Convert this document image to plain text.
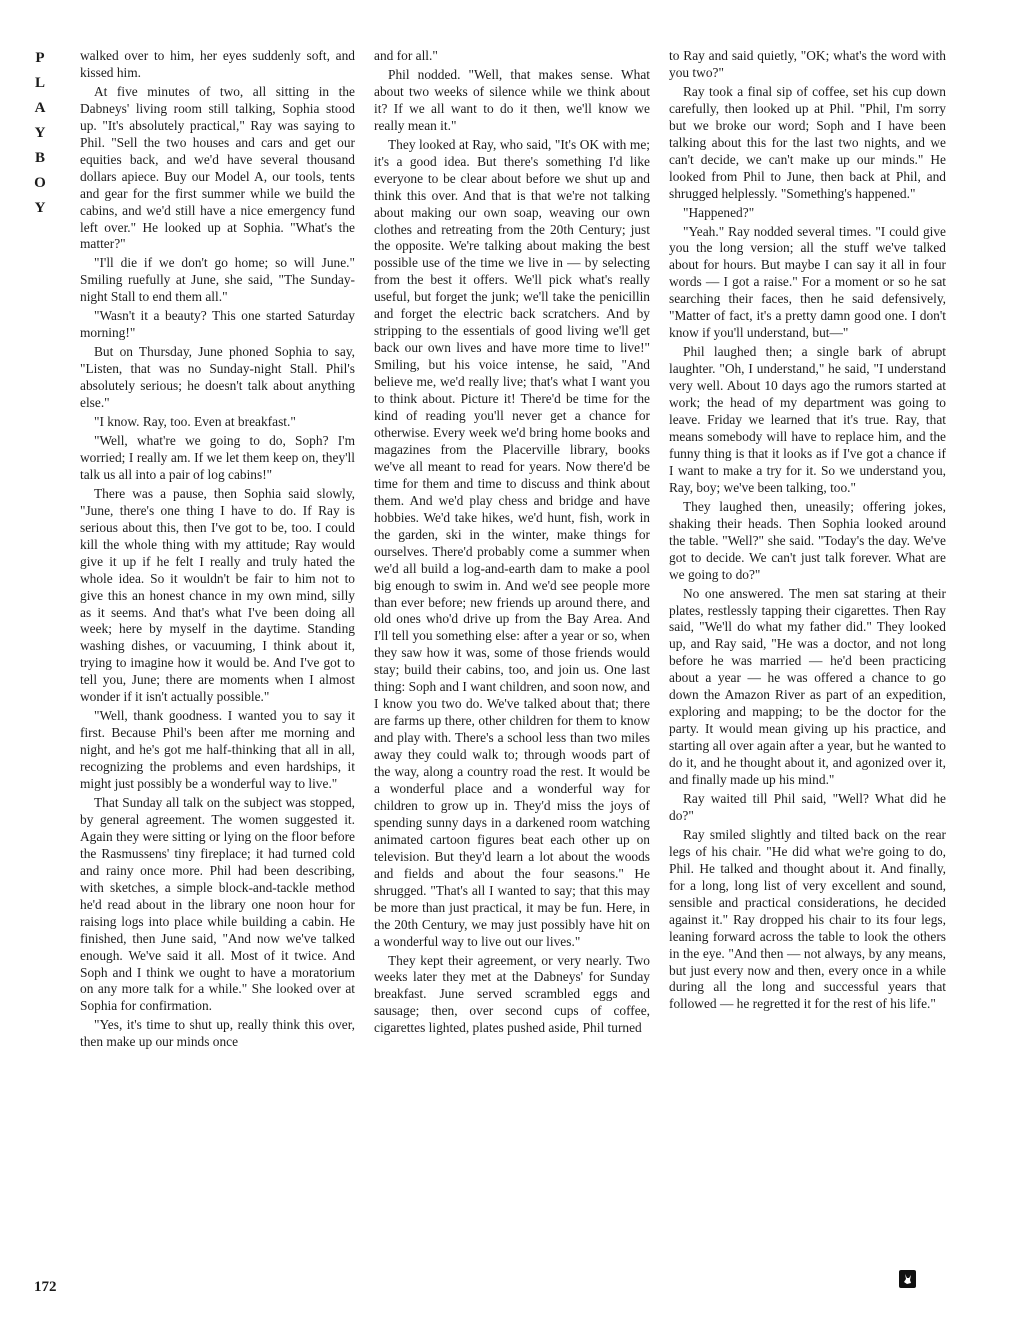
P
L
A
Y
B
O
Y
172

walked over to him, her eyes suddenly soft, and kissed him.

At five minutes of two, all sitting in the Dabneys' living room still talking, Sophia stood up. "It's absolutely practical," Ray was saying to Phil. "Sell the two houses and cars and get our equities back, and we'd have several thousand dollars apiece. Buy our Model A, our tools, tents and gear for the first summer while we build the cabins, and we'd still have a nice emergency fund left over." He looked up at Sophia. "What's the matter?"

"I'll die if we don't go home; so will June." Smiling ruefully at June, she said, "The Sunday-night Stall to end them all."

"Wasn't it a beauty? This one started Saturday morning!"

But on Thursday, June phoned Sophia to say, "Listen, that was no Sunday-night Stall. Phil's absolutely serious; he doesn't talk about anything else."

"I know. Ray, too. Even at breakfast."

"Well, what're we going to do, Soph? I'm worried; I really am. If we let them keep on, they'll talk us all into a pair of log cabins!"

There was a pause, then Sophia said slowly, "June, there's one thing I have to do. If Ray is serious about this, then I've got to be, too. I could kill the whole thing with my attitude; Ray would give it up if he felt I really and truly hated the whole idea. So it wouldn't be fair to him not to give this an honest chance in my own mind, silly as it seems. And that's what I've been doing all week; here by myself in the daytime. Standing washing dishes, or vacuuming, I think about it, trying to imagine how it would be. And I've got to tell you, June; there are moments when I almost wonder if it isn't actually possible."

"Well, thank goodness. I wanted you to say it first. Because Phil's been after me morning and night, and he's got me half-thinking that all in all, recognizing the problems and even hardships, it might just possibly be a wonderful way to live."

That Sunday all talk on the subject was stopped, by general agreement. The women suggested it. Again they were sitting or lying on the floor before the Rasmussens' tiny fireplace; it had turned cold and rainy once more. Phil had been describing, with sketches, a simple block-and-tackle method he'd read about in the library one noon hour for raising logs into place while building a cabin. He finished, then June said, "And now we've talked enough. We've said it all. Most of it twice. And Soph and I think we ought to have a moratorium on any more talk for a while." She looked over at Sophia for confirmation.

"Yes, it's time to shut up, really think this over, then make up our minds once

and for all."

Phil nodded. "Well, that makes sense. What about two weeks of silence while we think about it? If we all want to do it then, we'll know we really mean it."

They looked at Ray, who said, "It's OK with me; it's a good idea. But there's something I'd like everyone to be clear about before we shut up and think this over. And that is that we're not talking about making our own soap, weaving our own clothes and retreating from the 20th Century; just the opposite. We're talking about making the best possible use of the time we live in — by selecting from the best it offers. We'll pick what's really useful, but forget the junk; we'll take the penicillin and forget the electric back scratchers. And by stripping to the essentials of good living we'll get back our own lives and have more time to live!" Smiling, but his voice intense, he said, "And believe me, we'd really live; that's what I want you to think about. Picture it! There'd be time for the kind of reading you'll never get a chance for otherwise. Every week we'd bring home books and magazines from the Placerville library, books we've all meant to read for years. Now there'd be time for them and time to discuss and think about them. And we'd play chess and bridge and have hobbies. We'd take hikes, we'd hunt, fish, work in the garden, ski in the winter, make things for ourselves. There'd probably come a summer when we'd all build a log-and-earth dam to make a pool big enough to swim in. And we'd see people more than ever before; new friends up around there, and old ones who'd drive up from the Bay Area. And I'll tell you something else: after a year or so, when they saw how it was, some of those friends would stay; build their cabins, too, and join us. One last thing: Soph and I want children, and soon now, and I know you two do. We've talked about that; there are farms up there, other children for them to know and play with. There's a school less than two miles away they could walk to; through woods part of the way, along a country road the rest. It would be a wonderful place and a wonderful way for children to grow up in. They'd miss the joys of spending sunny days in a darkened room watching animated cartoon figures beat each other up on television. But they'd learn a lot about the woods and fields and about the four seasons." He shrugged. "That's all I wanted to say; that this may be more than just practical, it may be fun. Here, in the 20th Century, we may just possibly have hit on a wonderful way to live out our lives."

They kept their agreement, or very nearly. Two weeks later they met at the Dabneys' for Sunday breakfast. June served scrambled eggs and sausage; then, over second cups of coffee, cigarettes lighted, plates pushed aside, Phil turned

to Ray and said quietly, "OK; what's the word with you two?"

Ray took a final sip of coffee, set his cup down carefully, then looked up at Phil. "Phil, I'm sorry but we broke our word; Soph and I have been talking about this for the last two nights, and we can't decide, we can't make up our minds." He looked from Phil to June, then back at Phil, and shrugged helplessly. "Something's happened."

"Happened?"

"Yeah." Ray nodded several times. "I could give you the long version; all the stuff we've talked about for hours. But maybe I can say it all in four words — I got a raise." For a moment or so he sat searching their faces, then he said defensively, "Matter of fact, it's a pretty damn good one. I don't know if you'll understand, but—"

Phil laughed then; a single bark of abrupt laughter. "Oh, I understand," he said, "I understand very well. About 10 days ago the rumors started at work; the head of my department was going to leave. Friday we learned that it's true. Ray, that means somebody will have to replace him, and the funny thing is that it looks as if I've got a chance if I want to make a try for it. So we understand you, Ray, boy; we've been talking, too."

They laughed then, uneasily; offering jokes, shaking their heads. Then Sophia looked around the table. "Well?" she said. "Today's the day. We've got to decide. We can't just talk forever. What are we going to do?"

No one answered. The men sat staring at their plates, restlessly tapping their cigarettes. Then Ray said, "We'll do what my father did." They looked up, and Ray said, "He was a doctor, and not long before he was married — he'd been practicing about a year — he was offered a chance to go down the Amazon River as part of an expedition, exploring and mapping; to be the doctor for the party. It would mean giving up his practice, and starting all over again after a year, but he wanted to do it, and he thought about it, and agonized over it, and finally made up his mind."

Ray waited till Phil said, "Well? What did he do?"

Ray smiled slightly and tilted back on the rear legs of his chair. "He did what we're going to do, Phil. He talked and thought about it. And finally, for a long, long list of very excellent and sound, sensible and practical considerations, he decided against it." Ray dropped his chair to its four legs, leaning forward across the table to look the others in the eye. "And then — not always, by any means, but just every now and then, every once in a while during all the long and successful years that followed — he regretted it for the rest of his life."
